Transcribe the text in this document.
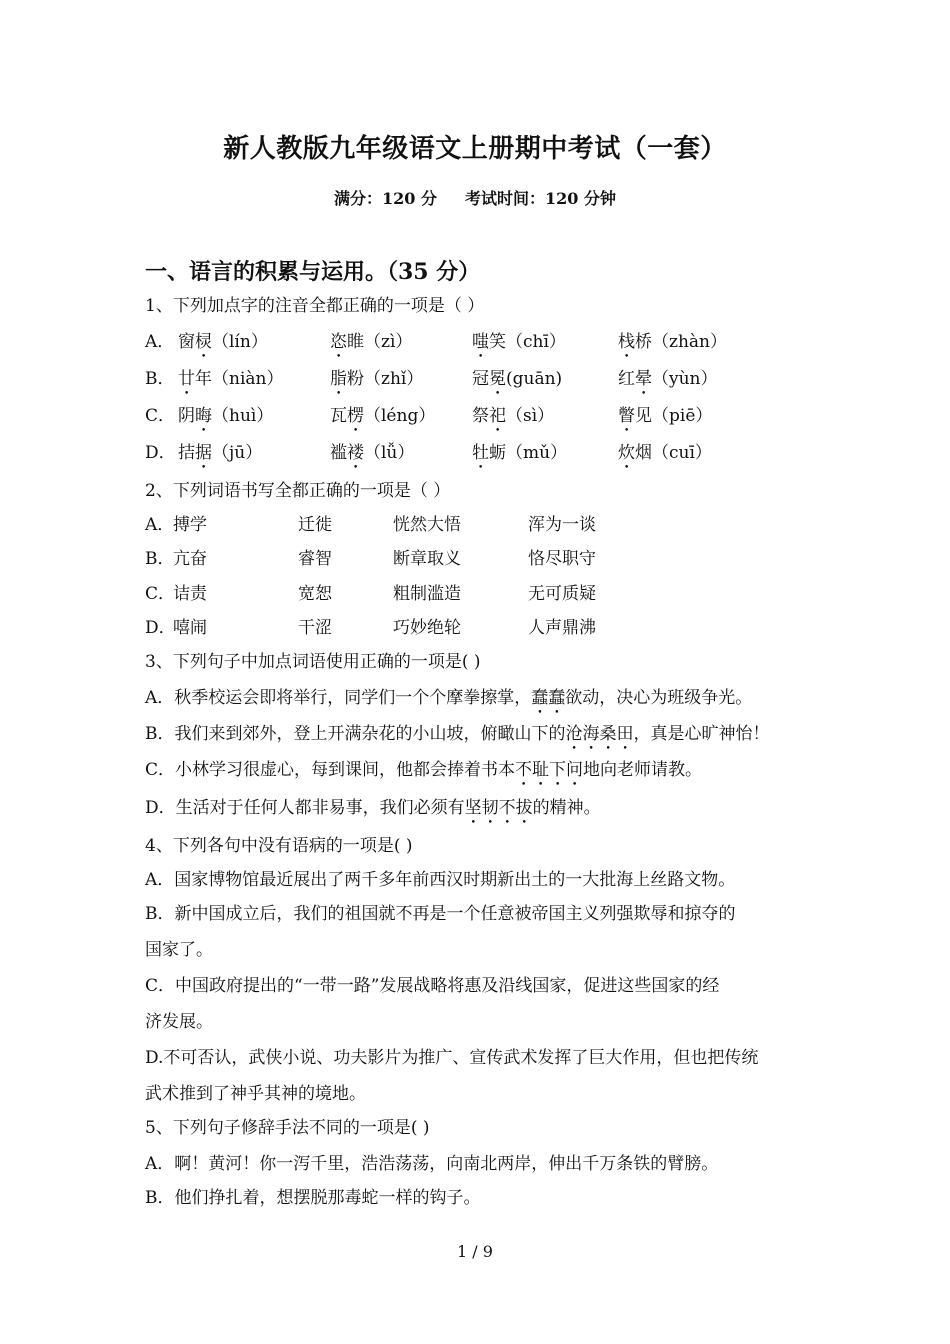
新人教版九年级语文上册期中考试（一套）
满分：120 分 考试时间：120 分钟
一、语言的积累与运用。（35 分）
1、下列加点字的注音全都正确的一项是（ ）
A． 窗棂（lín）	恣睢（zì）	嗤笑（chī）	栈桥（zhàn）
B． 廿年（niàn）	脂粉（zhǐ）	冠冕(guān)	红晕（yùn）
C． 阴晦（huì）	瓦楞（léng） 祭祀（sì）	瞥见（piē）
D． 拮据（jū）	褴褛（lǚ）	牡蛎（mǔ）	炊烟（cuī）
2、下列词语书写全都正确的一项是（ ）
A．
搏学	迁徙	恍然大悟	浑为一谈
B．
亢奋	睿智	断章取义	恪尽职守
C．
诘责	宽恕	粗制滥造	无可质疑
D．
嘻闹	干涩	巧妙绝轮	人声鼎沸
3、下列句子中加点词语使用正确的一项是( )
A．秋季校运会即将举行，同学们一个个摩拳擦掌，蠢蠢欲动，决心为班级争光。
B．我们来到郊外，登上开满杂花的小山坡，俯瞰山下的沧海桑田，真是心旷神怡！
C．小林学习很虚心，每到课间，他都会捧着书本不耻下问地向老师请教。
D．生活对于任何人都非易事，我们必须有坚韧不拔的精神。
4、下列各句中没有语病的一项是( )
A．国家博物馆最近展出了两千多年前西汉时期新出土的一大批海上丝路文物。
B．新中国成立后，我们的祖国就不再是一个任意被帝国主义列强欺辱和掠夺的
国家了。
C．中国政府提出的“一带一路”发展战略将惠及沿线国家，促进这些国家的经
济发展。
D.不可否认，武侠小说、功夫影片为推广、宣传武术发挥了巨大作用，但也把传统
武术推到了神乎其神的境地。
5、下列句子修辞手法不同的一项是( )
A．啊！黄河！你一泻千里，浩浩荡荡，向南北两岸，伸出千万条铁的臂膀。
B．他们挣扎着，想摆脱那毒蛇一样的钩子。
1 / 9
